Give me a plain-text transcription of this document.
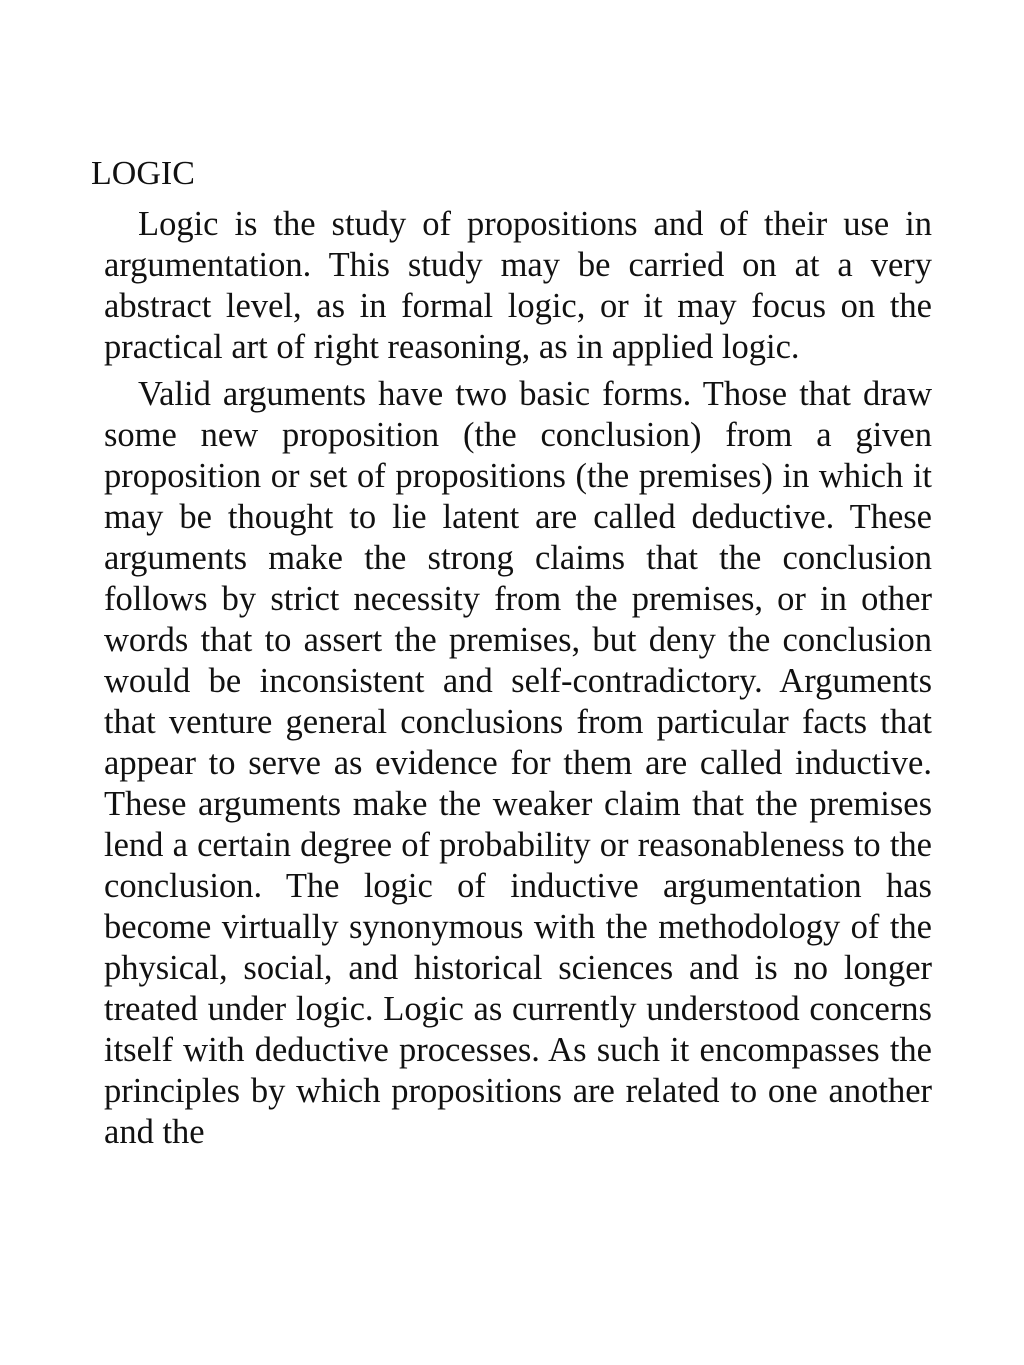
LOGIC

Logic is the study of propositions and of their use in argumentation. This study may be carried on at a very abstract level, as in formal logic, or it may focus on the practical art of right reasoning, as in applied logic.

Valid arguments have two basic forms. Those that draw some new proposition (the conclusion) from a given proposition or set of propositions (the premises) in which it may be thought to lie latent are called deductive. These arguments make the strong claims that the conclusion follows by strict necessity from the premises, or in other words that to assert the premises, but deny the conclusion would be inconsistent and self-contradictory. Arguments that venture general conclusions from particular facts that appear to serve as evidence for them are called inductive. These arguments make the weaker claim that the premises lend a certain degree of probability or reasonableness to the conclusion. The logic of inductive argumentation has become virtually synonymous with the methodology of the physical, social, and historical sciences and is no longer treated under logic. Logic as currently understood concerns itself with deductive processes. As such it encompasses the principles by which propositions are related to one another and the
